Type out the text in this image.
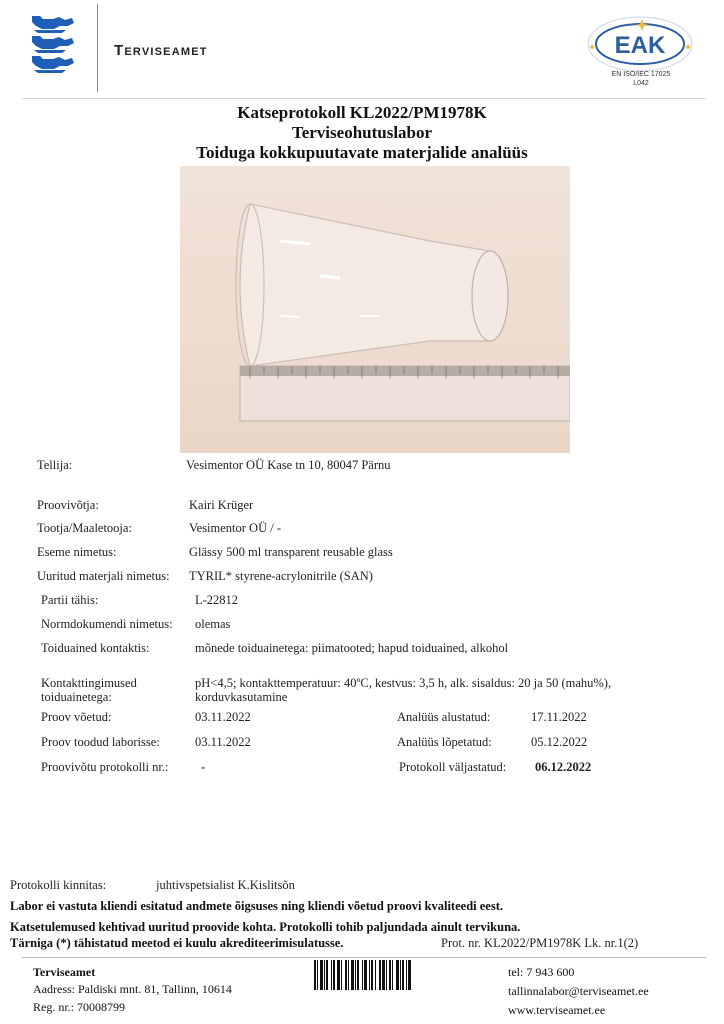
Terviseamet	EAK
EN ISO/IEC 17025
L042
Katseprotokoll KL2022/PM1978K
Terviseohutuslabor
Toiduga kokkupuutavate materjalide analüüs
Tellija:	Vesimentor OÜ Kase tn 10, 80047 Pärnu
Proovivõtja:	Kairi Krüger
Tootja/Maaletooja:	Vesimentor OÜ / -
Eseme nimetus:	Glässy 500 ml transparent reusable glass
Uuritud materjali nimetus: TYRIL* styrene-acrylonitrile (SAN)
Partii tähis:	L-22812
Normdokumendi nimetus: olemas
Toiduained kontaktis:	mõnede toiduainetega: piimatooted; hapud toiduained, alkohol
Kontakttingimused
toiduainetega:
pH<4,5; kontakttemperatuur: 40ºC, kestvus: 3,5 h, alk. sisaldus: 20 ja 50 (mahu%),
korduvkasutamine
Proov võetud:	03.11.2022	Analüüs alustatud:	17.11.2022
Proov toodud laborisse:	03.11.2022	Analüüs lõpetatud:	05.12.2022
Proovivõtu protokolli nr.:	-	Protokoll väljastatud: 06.12.2022
Protokolli kinnitas:	juhtivspetsialist K.Kislitsõn
Labor ei vastuta kliendi esitatud andmete õigsuses ning kliendi võetud proovi kvaliteedi eest.
Katsetulemused kehtivad uuritud proovide kohta. Protokolli tohib paljundada ainult tervikuna.
Tärniga (*) tähistatud meetod ei kuulu akrediteerimisulatusse.	Prot. nr. KL2022/PM1978K Lk. nr.1(2)
Terviseamet
Aadress: Paldiski mnt. 81, Tallinn, 10614
Reg. nr.: 70008799
tel: 7 943 600
tallinnalabor@terviseamet.ee
www.terviseamet.ee
